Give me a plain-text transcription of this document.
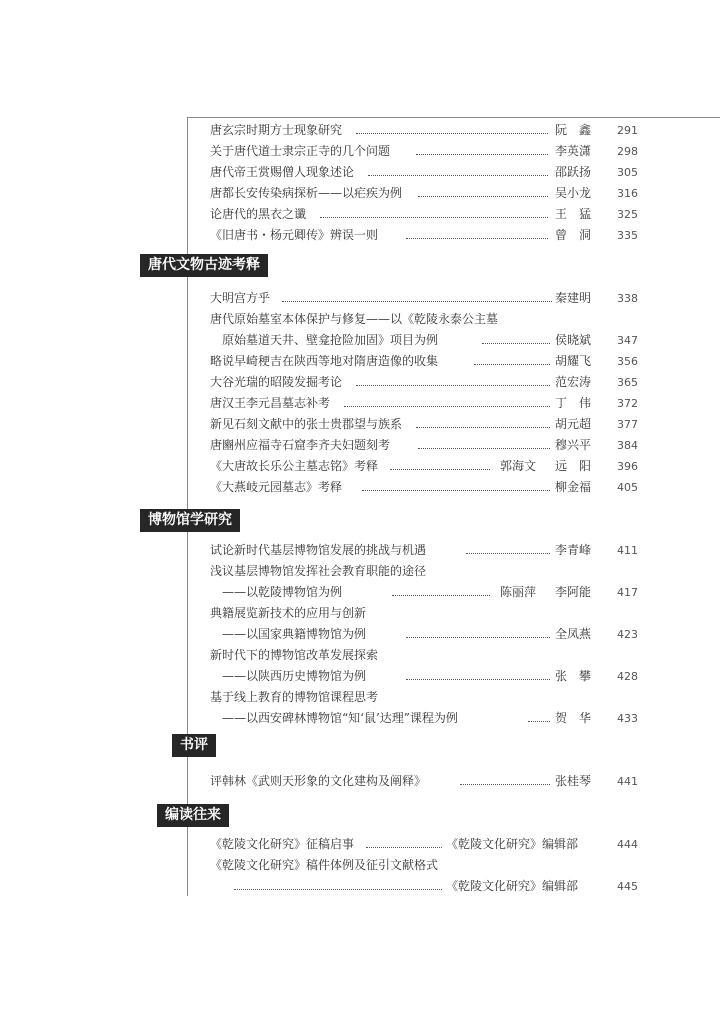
唐玄宗时期方士现象研究	阮　鑫	291
关于唐代道士隶宗正寺的几个问题	李英潇	298
唐代帝王赏赐僧人现象述论	邵跃扬	305
唐都长安传染病探析——以疟疾为例	吴小龙	316
论唐代的黑衣之谶	王　猛	325
《旧唐书・杨元卿传》辨误一则	曾　洞	335
唐代文物古迹考释
大明宫方乎	秦建明	338
唐代原始墓室本体保护与修复——以《乾陵永泰公主墓
　原始墓道天井、壁龛抢险加固》项目为例	侯晓斌	347
略说早崎稉吉在陕西等地对隋唐造像的收集	胡耀飞	356
大谷光瑞的昭陵发掘考论	范宏涛	365
唐汉王李元昌墓志补考	丁　伟	372
新见石刻文献中的张士贵郡望与族系	胡元超	377
唐豳州应福寺石窟李齐夫妇题刻考	穆兴平	384
《大唐故长乐公主墓志铭》考释	郭海文	远　阳	396
《大燕岐元园墓志》考释	柳金福	405
博物馆学研究
试论新时代基层博物馆发展的挑战与机遇	李青峰	411
浅议基层博物馆发挥社会教育职能的途径
　——以乾陵博物馆为例	陈丽萍	李阿能	417
典籍展览新技术的应用与创新
　——以国家典籍博物馆为例	全凤燕	423
新时代下的博物馆改革发展探索
　——以陕西历史博物馆为例	张　攀	428
基于线上教育的博物馆课程思考
——以西安碑林博物馆“知‘鼠’达理”课程为例	贺　华	433
书评
评韩林《武则天形象的文化建构及阐释》	张桂琴	441
编读往来
《乾陵文化研究》征稿启事	《乾陵文化研究》编辑部	444
《乾陵文化研究》稿件体例及征引文献格式
《乾陵文化研究》编辑部	445
